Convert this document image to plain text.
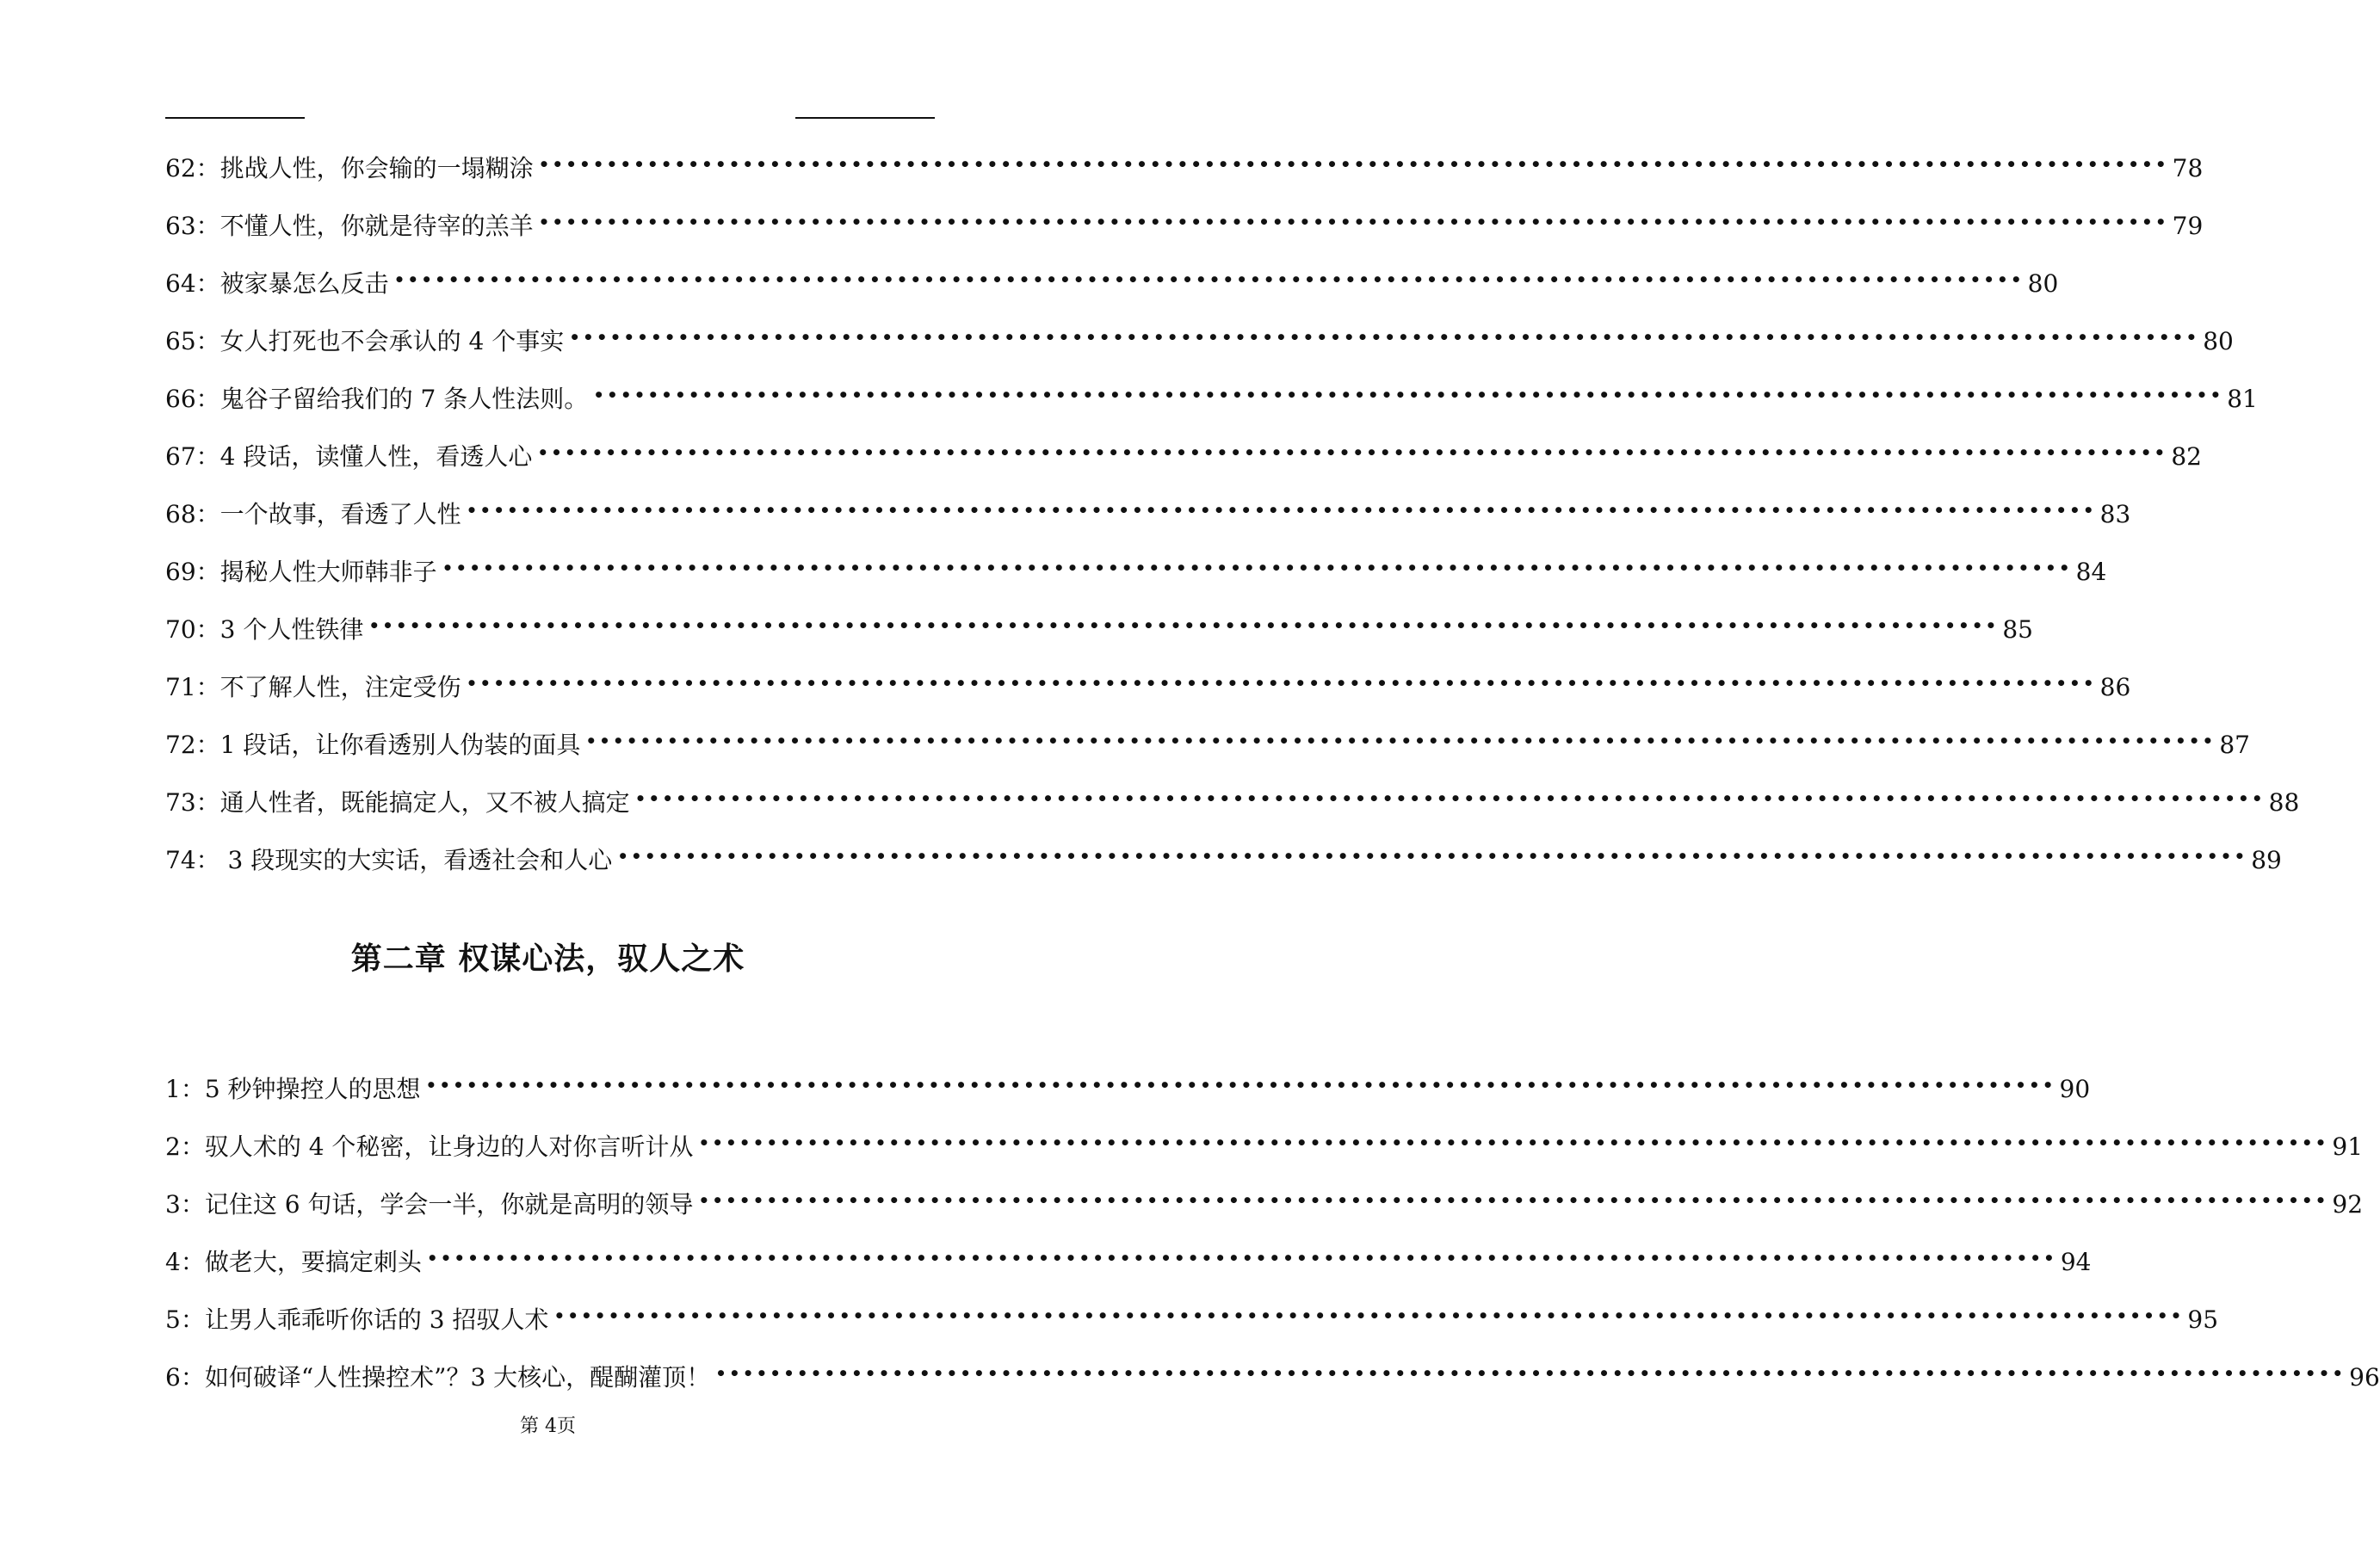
62：挑战人性，你会输的一塌糊涂 •••••••••••••••••••••••••••••••••••••••••••••••••••••••••••••••••••••••••••••••••••••••••••••••••••••••••••••••••••••••• 78
63：不懂人性，你就是待宰的羔羊 •••••••••••••••••••••••••••••••••••••••••••••••••••••••••••••••••••••••••••••••••••••••••••••••••••••••••••••••••••••••• 79
64：被家暴怎么反击 •••••••••••••••••••••••••••••••••••••••••••••••••••••••••••••••••••••••••••••••••••••••••••••••••••••••••••••••••••••••• 80
65：女人打死也不会承认的 4 个事实 •••••••••••••••••••••••••••••••••••••••••••••••••••••••••••••••••••••••••••••••••••••••••••••••••••••••••••••••••••••••• 80
66：鬼谷子留给我们的 7 条人性法则。 •••••••••••••••••••••••••••••••••••••••••••••••••••••••••••••••••••••••••••••••••••••••••••••••••••••••••••••••••••••••• 81
67：4 段话，读懂人性，看透人心 •••••••••••••••••••••••••••••••••••••••••••••••••••••••••••••••••••••••••••••••••••••••••••••••••••••••••••••••••••••••• 82
68：一个故事，看透了人性 •••••••••••••••••••••••••••••••••••••••••••••••••••••••••••••••••••••••••••••••••••••••••••••••••••••••••••••••••••••••• 83
69：揭秘人性大师韩非子 •••••••••••••••••••••••••••••••••••••••••••••••••••••••••••••••••••••••••••••••••••••••••••••••••••••••••••••••••••••••• 84
70：3 个人性铁律 •••••••••••••••••••••••••••••••••••••••••••••••••••••••••••••••••••••••••••••••••••••••••••••••••••••••••••••••••••••••• 85
71：不了解人性，注定受伤 •••••••••••••••••••••••••••••••••••••••••••••••••••••••••••••••••••••••••••••••••••••••••••••••••••••••••••••••••••••••• 86
72：1 段话，让你看透别人伪装的面具 •••••••••••••••••••••••••••••••••••••••••••••••••••••••••••••••••••••••••••••••••••••••••••••••••••••••••••••••••••••••• 87
73：通人性者，既能搞定人，又不被人搞定 •••••••••••••••••••••••••••••••••••••••••••••••••••••••••••••••••••••••••••••••••••••••••••••••••••••••••••••••••••••••• 88
74： 3 段现实的大实话，看透社会和人心 •••••••••••••••••••••••••••••••••••••••••••••••••••••••••••••••••••••••••••••••••••••••••••••••••••••••••••••••••••••••• 89
第二章 权谋心法，驭人之术
1：5 秒钟操控人的思想 •••••••••••••••••••••••••••••••••••••••••••••••••••••••••••••••••••••••••••••••••••••••••••••••••••••••••••••••••••••••• 90
2：驭人术的 4 个秘密，让身边的人对你言听计从 •••••••••••••••••••••••••••••••••••••••••••••••••••••••••••••••••••••••••••••••••••••••••••••••••••••••••••••••••••••••• 91
3：记住这 6 句话，学会一半，你就是高明的领导 •••••••••••••••••••••••••••••••••••••••••••••••••••••••••••••••••••••••••••••••••••••••••••••••••••••••••••••••••••••••• 92
4：做老大，要搞定刺头 •••••••••••••••••••••••••••••••••••••••••••••••••••••••••••••••••••••••••••••••••••••••••••••••••••••••••••••••••••••••• 94
5：让男人乖乖听你话的 3 招驭人术 •••••••••••••••••••••••••••••••••••••••••••••••••••••••••••••••••••••••••••••••••••••••••••••••••••••••••••••••••••••••• 95
6：如何破译“人性操控术”？3 大核心，醍醐灌顶！ •••••••••••••••••••••••••••••••••••••••••••••••••••••••••••••••••••••••••••••••••••••••••••••••••••••••••••••••••••••••• 96
第 4页
